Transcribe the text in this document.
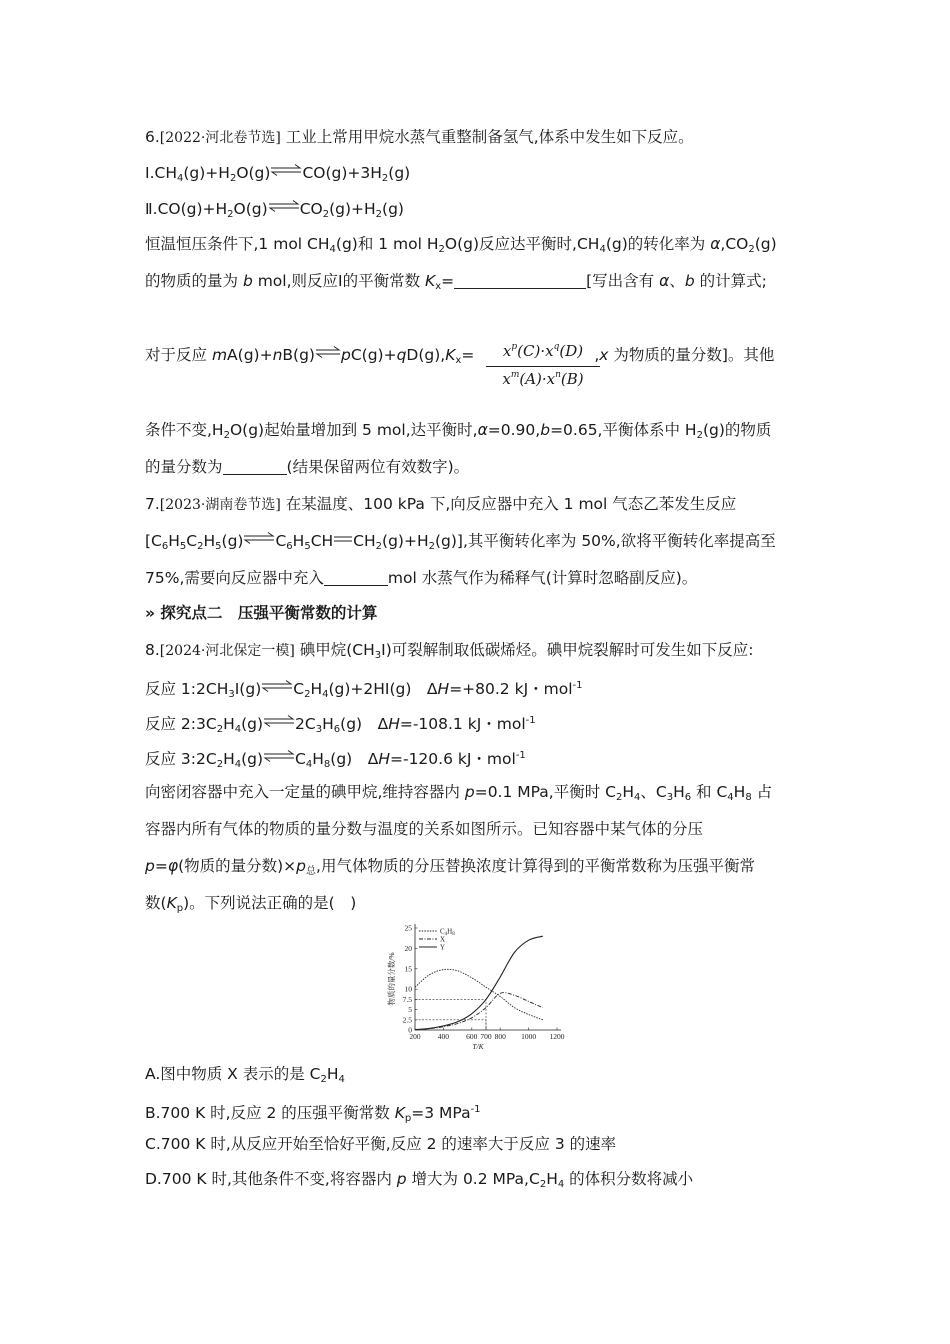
6.[2022·河北卷节选] 工业上常用甲烷水蒸气重整制备氢气,体系中发生如下反应。
$Ⅰ.CH_4(g)+H_2O(g)\rightleftharpoons CO(g)+3H_2(g)$
$Ⅱ.CO(g)+H_2O(g)\rightleftharpoons CO_2(g)+H_2(g)$
恒温恒压条件下,1 mol $CH_4(g)$和 1 mol $H_2O(g)$反应达平衡时$,CH_4(g)$的转化率为 $\alpha,CO_2(g)$
的物质的量为 b mol,则反应Ⅰ的平衡常数 $K_x=$	[写出含有 α、b 的计算式;
对于反应 $mA(g)+nB(g)\rightleftharpoons pC(g)+qD(g),K_x=$	,x 为物质的量分数]。其他
$x^p(C)\cdot x^q(D)$
$x^m(A)\cdot x^n(B)$
条件不变$,H_2O(g)$起始量增加到 5 mol,达平衡时,α=0.90,b=0.65,平衡体系中 $H_2(g)$的物质
的量分数为	(结果保留两位有效数字)。
7.[2023·湖南卷节选] 在某温度、100 kPa 下,向反应器中充入 1 mol 气态乙苯发生反应
[$C_6H_5C_2H_5(g)\rightleftharpoons C_6H_5CH$ $CH_2(g)+H_2(g)$],其平衡转化率为 50%,欲将平衡转化率提高至
75%,需要向反应器中充入	mol 水蒸气作为稀释气(计算时忽略副反应)。
» 探究点二　压强平衡常数的计算
8.[2024·河北保定一模] 碘甲烷$(CH_3I)$可裂解制取低碳烯烃。碘甲烷裂解时可发生如下反应:
反应 $1:2CH_3I(g)\rightleftharpoons C_2H_4(g)+2HI(g)$　ΔH=+80.2 kJ・mol$^{-1}$
反应 $2:3C_2H_4(g)\rightleftharpoons 2C_3H_6(g)$　ΔH=-108.1 kJ・mol$^{-1}$
反应 $3:2C_2H_4(g)\rightleftharpoons C_4H_8(g)$　ΔH=-120.6 kJ・mol$^{-1}$
向密闭容器中充入一定量的碘甲烷,维持容器内 p=0.1 MPa,平衡时 $C_2H_4$、$C_3H_6$ 和 $C_4H_8$ 占
容器内所有气体的物质的量分数与温度的关系如图所示。已知容器中某气体的分压
p=φ(物质的量分数)$\times p_总$,用气体物质的分压替换浓度计算得到的平衡常数称为压强平衡常
数$(K_p)$。下列说法正确的是(　)
0
2.5
5
7.5
10
15
20
25
200 400 600 700 800 1000 1200
T/K
物质的量分数/%
$C_4H_8$
X
Y
A.图中物质 X 表示的是 $C_2H_4$
B.700 K 时,反应 2 的压强平衡常数 $K_p=3$ MPa$^{-1}$
C.700 K 时,从反应开始至恰好平衡,反应 2 的速率大于反应 3 的速率
D.700 K 时,其他条件不变,将容器内 p 增大为 0.2 $MPa,C_2H_4$ 的体积分数将减小
